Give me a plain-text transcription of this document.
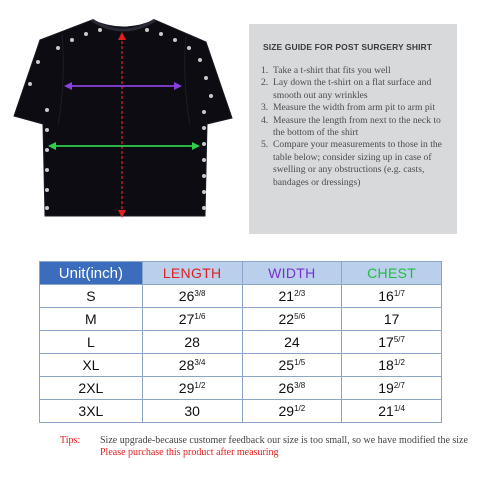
SIZE GUIDE FOR POST SURGERY SHIRT
1. Take a t-shirt that fits you well
2. Lay down the t-shirt on a flat surface and smooth out any wrinkles
3. Measure the width from arm pit to arm pit
4. Measure the length from next to the neck to the bottom of the shirt
5. Compare your measurements to those in the table below; consider sizing up in case of swelling or any obstructions (e.g. casts, bandages or dressings)
Unit(inch)	LENGTH	WIDTH	CHEST
S	$26^{3/8}$	$21^{2/3}$	$16^{1/7}$
M	$27^{1/6}$	$22^{5/6}$	17
L	28	24	$17^{5/7}$
XL	$28^{3/4}$	$25^{1/5}$	$18^{1/2}$
2XL	$29^{1/2}$	$26^{3/8}$	$19^{2/7}$
3XL	30	$29^{1/2}$	$21^{1/4}$
Tips:	Size upgrade-because customer feedback our size is too small, so we have modified the size
Please purchase this product after measuring
